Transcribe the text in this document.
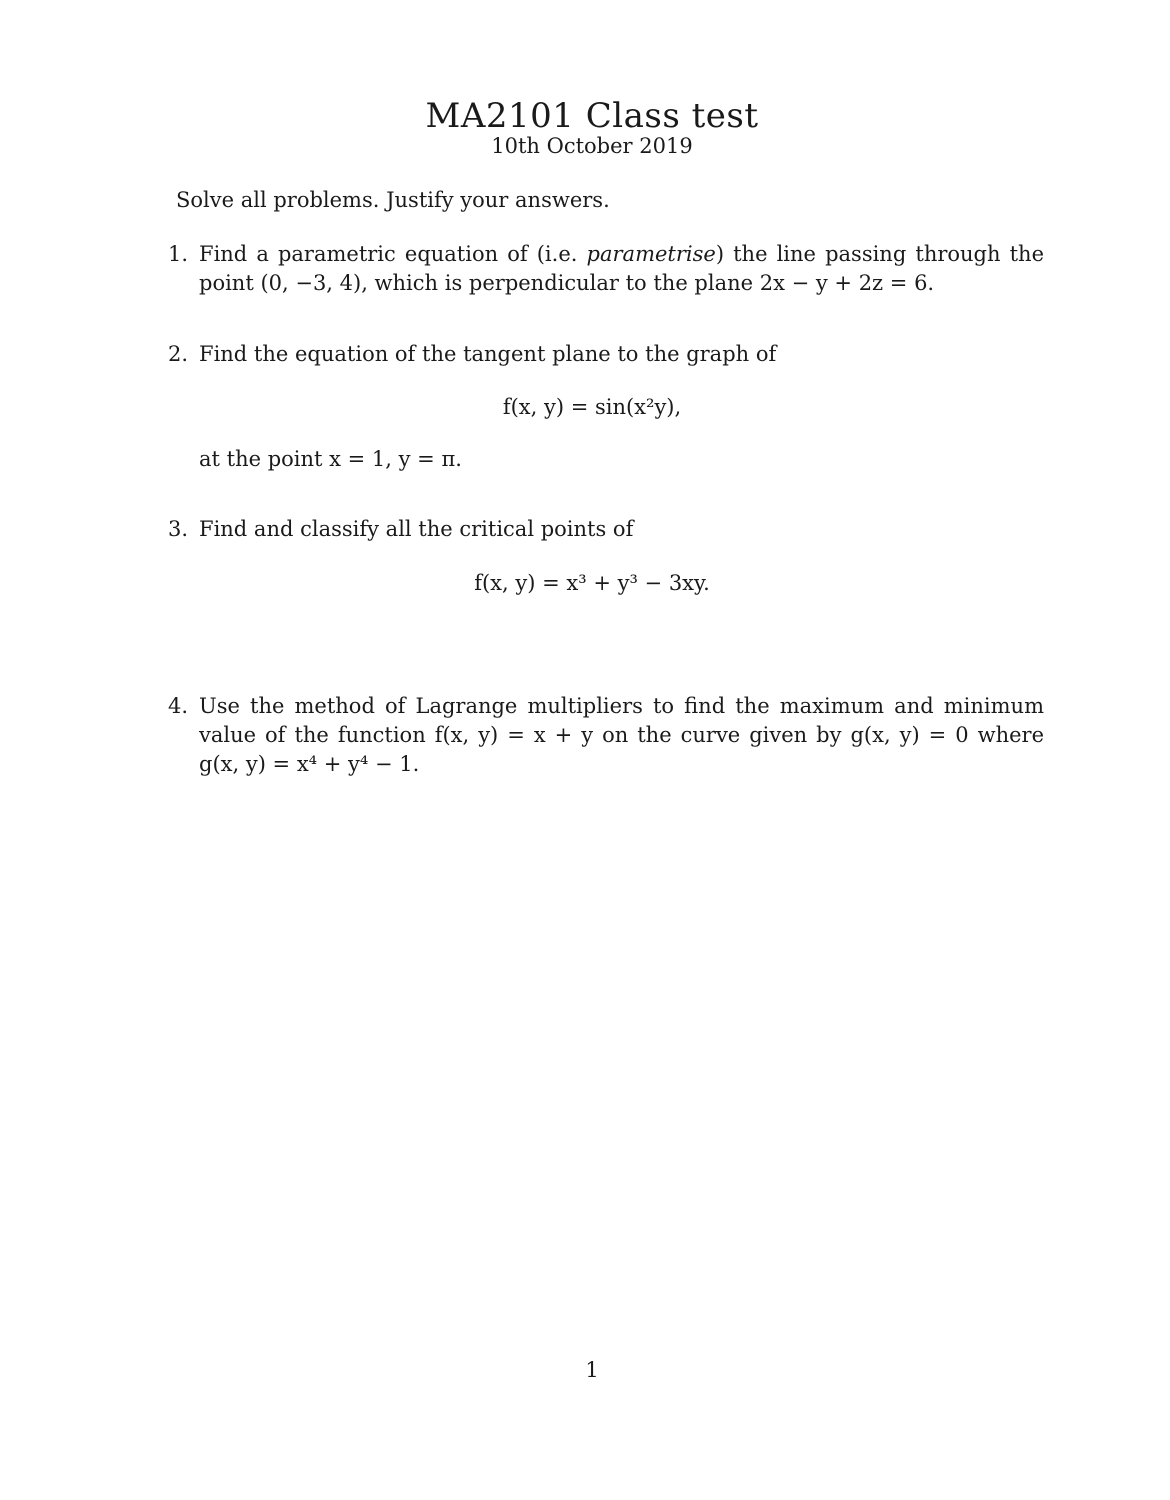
MA2101 Class test
10th October 2019
Solve all problems. Justify your answers.
1. Find a parametric equation of (i.e. parametrise) the line passing through the point (0, −3, 4), which is perpendicular to the plane 2x − y + 2z = 6.
2. Find the equation of the tangent plane to the graph of
f(x, y) = sin(x²y),
at the point x = 1, y = π.
3. Find and classify all the critical points of
f(x, y) = x³ + y³ − 3xy.
4. Use the method of Lagrange multipliers to find the maximum and minimum value of the function f(x, y) = x + y on the curve given by g(x, y) = 0 where g(x, y) = x⁴ + y⁴ − 1.
1
